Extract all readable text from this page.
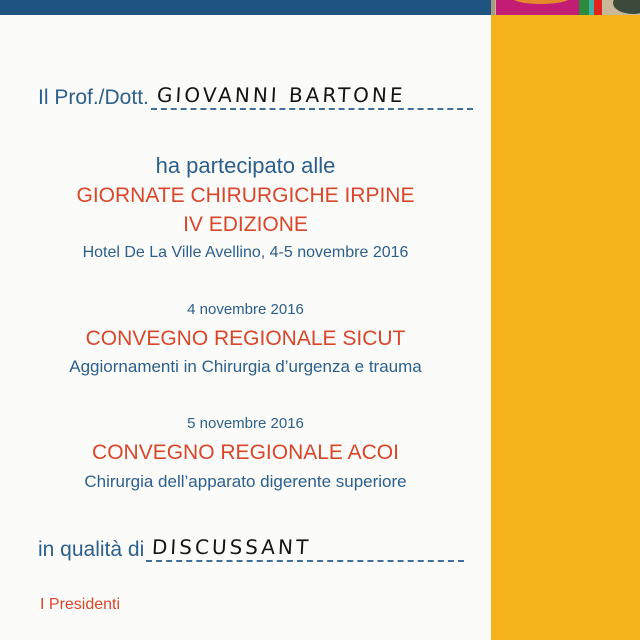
Il Prof./Dott. GIOVANNI BARTONE
ha partecipato alle
GIORNATE CHIRURGICHE IRPINE
IV EDIZIONE
Hotel De La Ville Avellino, 4-5 novembre 2016
4 novembre 2016
CONVEGNO REGIONALE SICUT
Aggiornamenti in Chirurgia d’urgenza e trauma
5 novembre 2016
CONVEGNO REGIONALE ACOI
Chirurgia dell’apparato digerente superiore
in qualità di DISCUSSANT
I Presidenti
